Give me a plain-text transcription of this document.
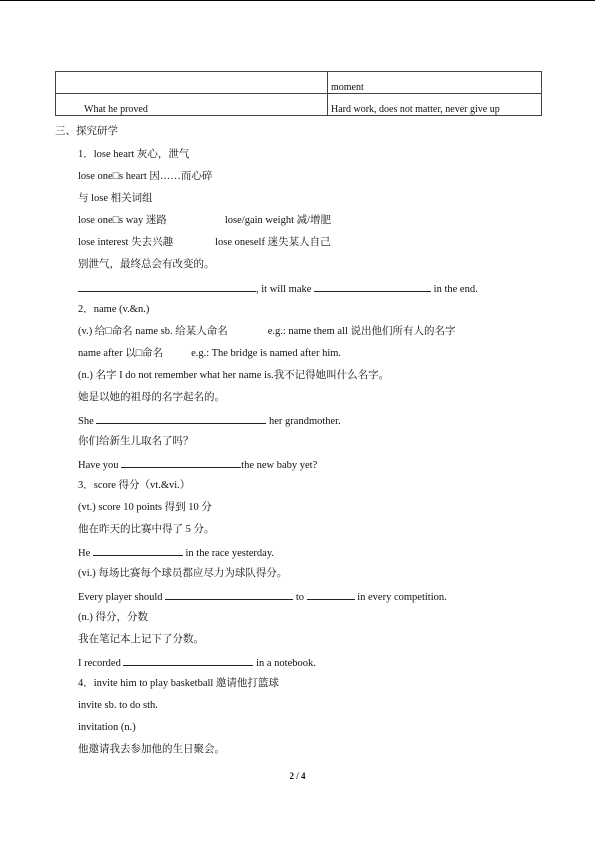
	moment
What he proved	Hard work, does not matter, never give up
三、探究研学
1．lose heart 灰心，泄气
lose one□s heart 因……而心碎
与 lose 相关词组
lose one□s way 迷路	lose/gain weight 减/增肥
lose interest 失去兴趣	lose oneself 迷失某人自己
别泄气，最终总会有改变的。
, it will make	in the end.
2．name (v.&n.)
(v.) 给□命名 name sb. 给某人命名	e.g.: name them all 说出他们所有人的名字
name after 以□命名	e.g.: The bridge is named after him.
(n.) 名字 I do not remember what her name is.我不记得她叫什么名字。
她是以她的祖母的名字起名的。
She	her grandmother.
你们给新生儿取名了吗？
Have you	the new baby yet?
3．score 得分（vt.&vi.）
(vt.) score 10 points 得到 10 分
他在昨天的比赛中得了 5 分。
He	in the race yesterday.
(vi.) 每场比赛每个球员都应尽力为球队得分。
Every player should	to	in every competition.
(n.) 得分，分数
我在笔记本上记下了分数。
I recorded	in a notebook.
4．invite him to play basketball 邀请他打篮球
invite sb. to do sth.
invitation (n.)
他邀请我去参加他的生日聚会。
2 / 4
